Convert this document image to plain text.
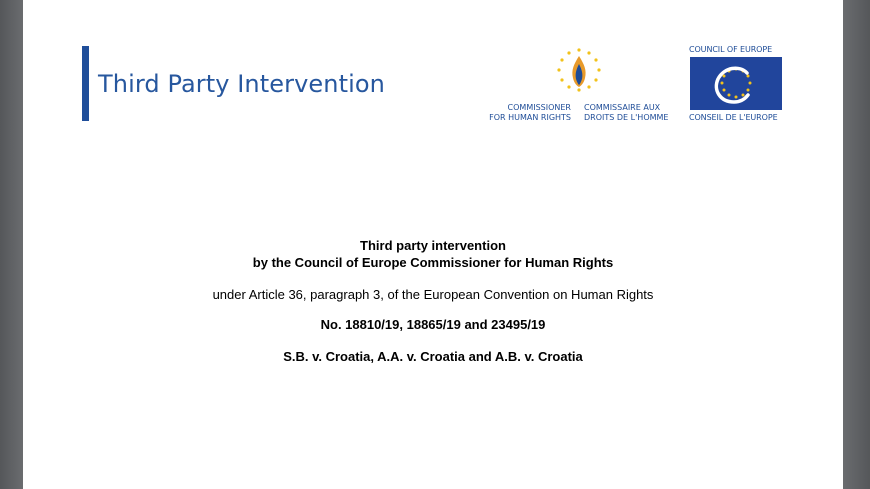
Third Party Intervention
COMMISSIONER
FOR HUMAN RIGHTS
COMMISSAIRE AUX
DROITS DE L'HOMME
COUNCIL OF EUROPE
CONSEIL DE L'EUROPE
Third party intervention
by the Council of Europe Commissioner for Human Rights
under Article 36, paragraph 3, of the European Convention on Human Rights
No. 18810/19, 18865/19 and 23495/19
S.B. v. Croatia, A.A. v. Croatia and A.B. v. Croatia
